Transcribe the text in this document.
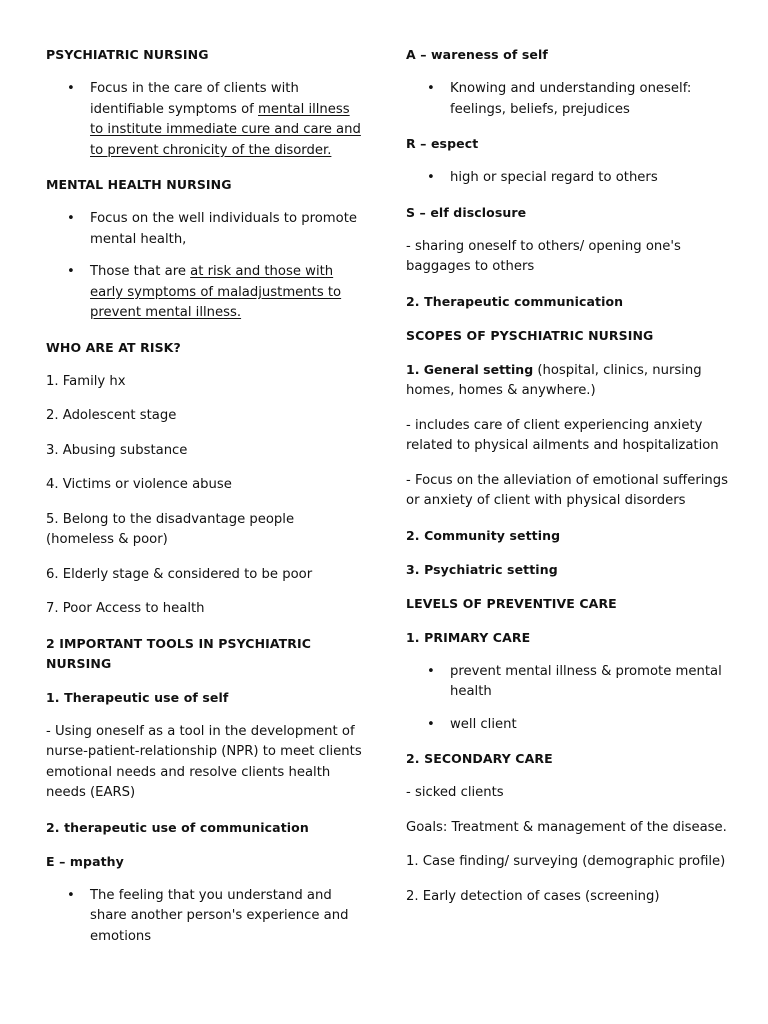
PSYCHIATRIC NURSING
• Focus in the care of clients with identifiable symptoms of mental illness to institute immediate cure and care and to prevent chronicity of the disorder.
MENTAL HEALTH NURSING
• Focus on the well individuals to promote mental health,
• Those that are at risk and those with early symptoms of maladjustments to prevent mental illness.
WHO ARE AT RISK?
1. Family hx
2. Adolescent stage
3. Abusing substance
4. Victims or violence abuse
5. Belong to the disadvantage people (homeless & poor)
6. Elderly stage & considered to be poor
7. Poor Access to health
2 IMPORTANT TOOLS IN PSYCHIATRIC NURSING
1. Therapeutic use of self
- Using oneself as a tool in the development of nurse-patient-relationship (NPR) to meet clients emotional needs and resolve clients health needs (EARS)
2. therapeutic use of communication
E – mpathy
• The feeling that you understand and share another person's experience and emotions
A – wareness of self
• Knowing and understanding oneself: feelings, beliefs, prejudices
R – espect
• high or special regard to others
S – elf disclosure
- sharing oneself to others/ opening one's baggages to others
2. Therapeutic communication
SCOPES OF PYSCHIATRIC NURSING
1. General setting (hospital, clinics, nursing homes, homes & anywhere.)
- includes care of client experiencing anxiety related to physical ailments and hospitalization
- Focus on the alleviation of emotional sufferings or anxiety of client with physical disorders
2. Community setting
3. Psychiatric setting
LEVELS OF PREVENTIVE CARE
1. PRIMARY CARE
• prevent mental illness & promote mental health
• well client
2. SECONDARY CARE
- sicked clients
Goals: Treatment & management of the disease.
1. Case finding/ surveying (demographic profile)
2. Early detection of cases (screening)
